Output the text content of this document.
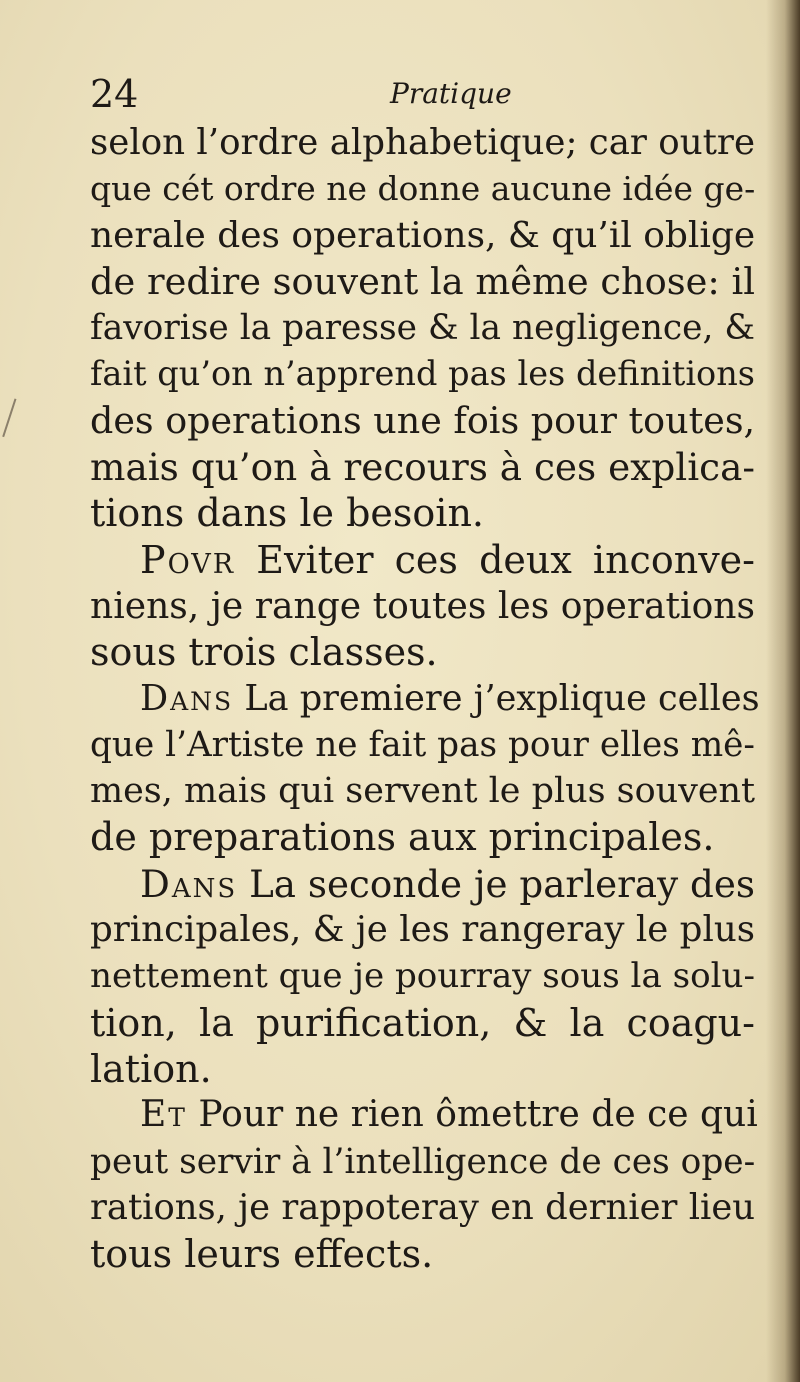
24	Pratique
selon l’ordre alphabetique; car outre
que cét ordre ne donne aucune idée ge-
nerale des operations, & qu’il oblige
de redire souvent la même chose: il
favorise la paresse & la negligence, &
fait qu’on n’apprend pas les definitions
des operations une fois pour toutes,
mais qu’on à recours à ces explica-
tions dans le besoin.
Povr Eviter ces deux inconve-
niens, je range toutes les operations
sous trois classes.
Dans La premiere j’explique celles
que l’Artiste ne fait pas pour elles mê-
mes, mais qui servent le plus souvent
de preparations aux principales.
Dans La seconde je parleray des
principales, & je les rangeray le plus
nettement que je pourray sous la solu-
tion, la purification, & la coagu-
lation.
Et Pour ne rien ômettre de ce qui
peut servir à l’intelligence de ces ope-
rations, je rappoteray en dernier lieu
tous leurs effects.
